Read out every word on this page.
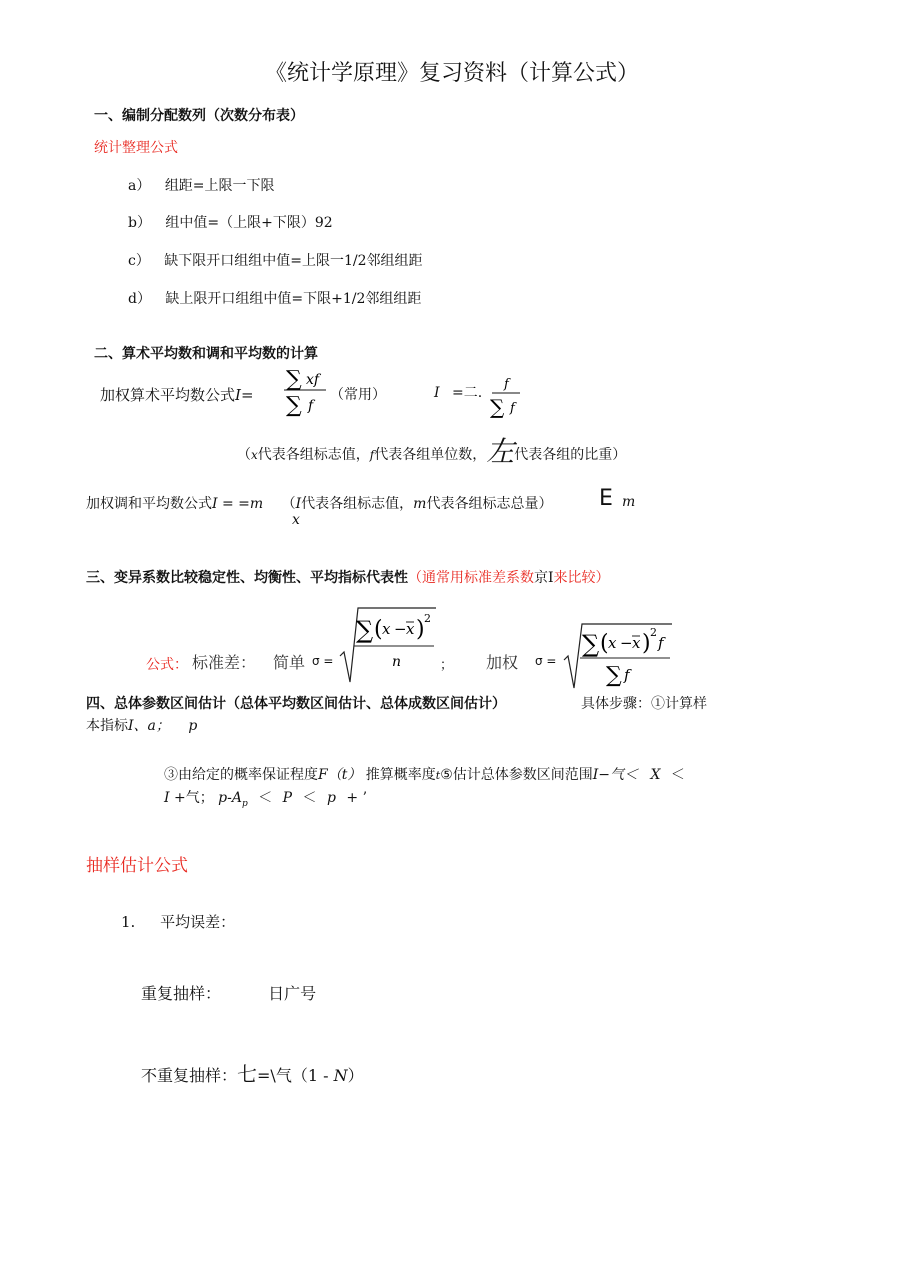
《统计学原理》复习资料（计算公式）
一、编制分配数列（次数分布表）
统计整理公式
a） 组距=上限一下限
b） 组中值=（上限+下限）92
c） 缺下限开口组组中值=上限一1/2邻组组距
d） 缺上限开口组组中值=下限+1/2邻组组距
二、算术平均数和调和平均数的计算
加权算术平均数公式I=
∑ xf
∑ f
（常用）	I =二.
f
∑ f
（x代表各组标志值，f代表各组单位数，左代表各组的比重）
加权调和平均数公式I = =m （I代表各组标志值，m代表各组标志总量）
x
E m
三、变异系数比较稳定性、均衡性、平均指标代表性（通常用标准差系数京I来比较）
公式： 标准差： 简单 σ =
∑ ( x − x ) 2
n	； 加权 σ =
∑ ( x − x ) 2
f
∑ f
四、总体参数区间估计（总体平均数区间估计、总体成数区间估计）	具体步骤：①计算样
本指标I、a； p
③由给定的概率保证程度F（t） 推算概率度t⑤估计总体参数区间范围I−气＜ X ＜
I +气； $p-A_p < P < p$ + ’
抽样估计公式
1. 平均误差：
重复抽样：	日广号
不重复抽样：七=\气（1 - N）
